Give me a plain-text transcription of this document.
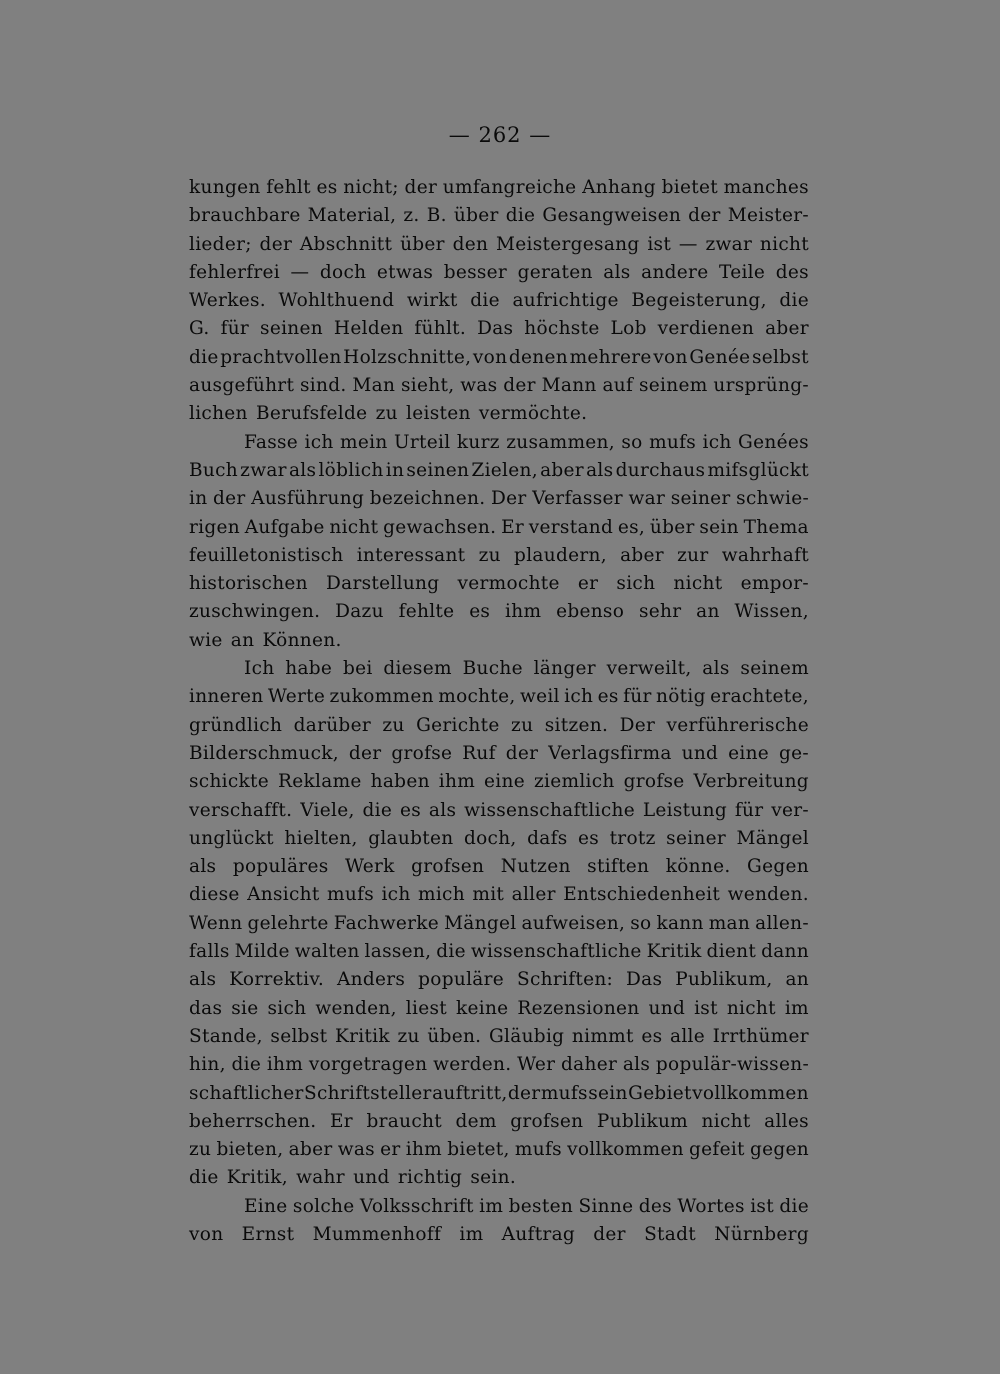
— 262 —
kungen fehlt es nicht; der umfangreiche Anhang bietet manches
brauchbare Material, z. B. über die Gesangweisen der Meister-
lieder; der Abschnitt über den Meistergesang ist — zwar nicht
fehlerfrei — doch etwas besser geraten als andere Teile des
Werkes. Wohlthuend wirkt die aufrichtige Begeisterung, die
G. für seinen Helden fühlt. Das höchste Lob verdienen aber
die prachtvollen Holzschnitte, von denen mehrere von Genée selbst
ausgeführt sind. Man sieht, was der Mann auf seinem ursprüng-
lichen Berufsfelde zu leisten vermöchte.
Fasse ich mein Urteil kurz zusammen, so mufs ich Genées
Buch zwar als löblich in seinen Zielen, aber als durchaus mifsglückt
in der Ausführung bezeichnen. Der Verfasser war seiner schwie-
rigen Aufgabe nicht gewachsen. Er verstand es, über sein Thema
feuilletonistisch interessant zu plaudern, aber zur wahrhaft
historischen Darstellung vermochte er sich nicht empor-
zuschwingen. Dazu fehlte es ihm ebenso sehr an Wissen,
wie an Können.
Ich habe bei diesem Buche länger verweilt, als seinem
inneren Werte zukommen mochte, weil ich es für nötig erachtete,
gründlich darüber zu Gerichte zu sitzen. Der verführerische
Bilderschmuck, der grofse Ruf der Verlagsfirma und eine ge-
schickte Reklame haben ihm eine ziemlich grofse Verbreitung
verschafft. Viele, die es als wissenschaftliche Leistung für ver-
unglückt hielten, glaubten doch, dafs es trotz seiner Mängel
als populäres Werk grofsen Nutzen stiften könne. Gegen
diese Ansicht mufs ich mich mit aller Entschiedenheit wenden.
Wenn gelehrte Fachwerke Mängel aufweisen, so kann man allen-
falls Milde walten lassen, die wissenschaftliche Kritik dient dann
als Korrektiv. Anders populäre Schriften: Das Publikum, an
das sie sich wenden, liest keine Rezensionen und ist nicht im
Stande, selbst Kritik zu üben. Gläubig nimmt es alle Irrthümer
hin, die ihm vorgetragen werden. Wer daher als populär-wissen-
schaftlicher Schriftsteller auftritt, der mufs sein Gebiet vollkommen
beherrschen. Er braucht dem grofsen Publikum nicht alles
zu bieten, aber was er ihm bietet, mufs vollkommen gefeit gegen
die Kritik, wahr und richtig sein.
Eine solche Volksschrift im besten Sinne des Wortes ist die
von Ernst Mummenhoff im Auftrag der Stadt Nürnberg
